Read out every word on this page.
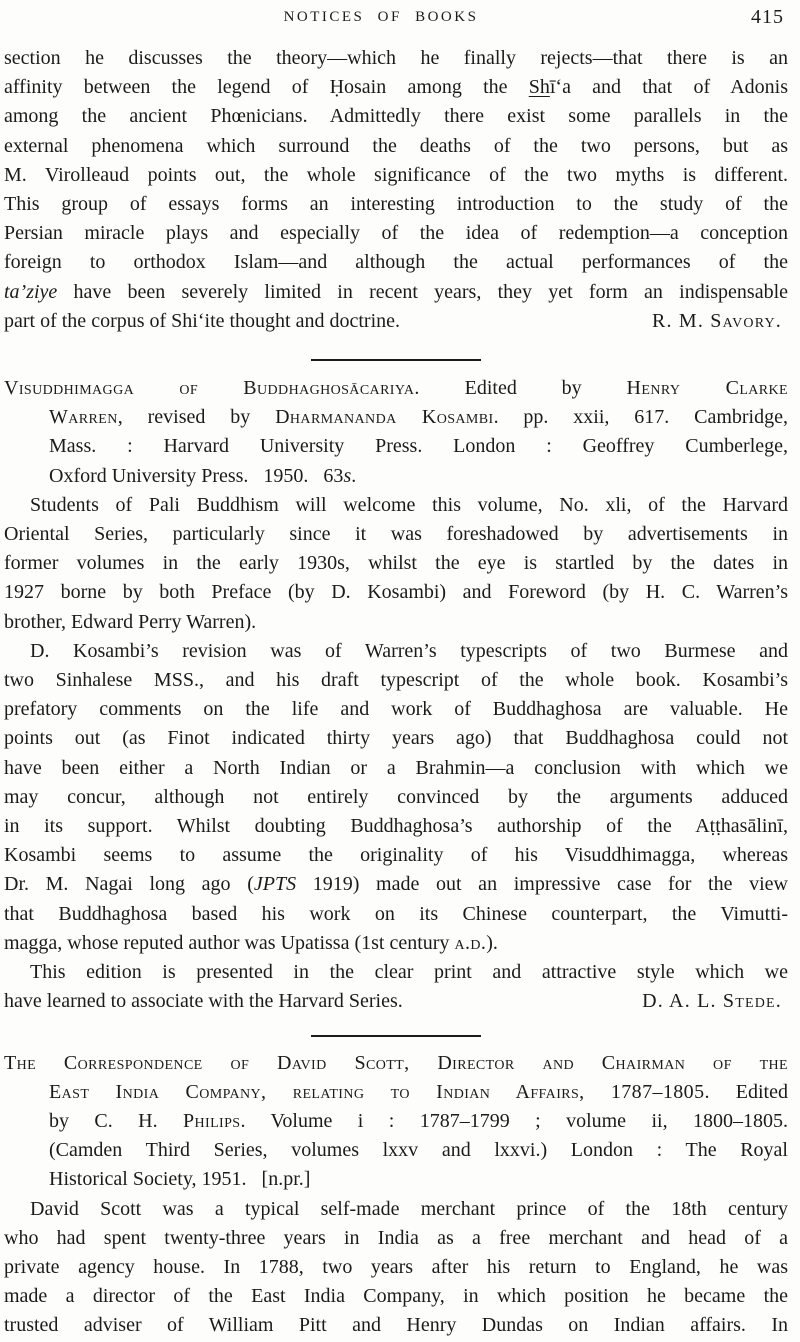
NOTICES OF BOOKS	415
section he discusses the theory—which he finally rejects—that there is an
affinity between the legend of Ḥosain among the Shī‘a and that of Adonis
among the ancient Phœnicians. Admittedly there exist some parallels in the
external phenomena which surround the deaths of the two persons, but as
M. Virolleaud points out, the whole significance of the two myths is different.
This group of essays forms an interesting introduction to the study of the
Persian miracle plays and especially of the idea of redemption—a conception
foreign to orthodox Islam—and although the actual performances of the
ta’ziye have been severely limited in recent years, they yet form an indispensable
part of the corpus of Shi‘ite thought and doctrine.	R. M. Savory.
Visuddhimagga of Buddhaghosācariya. Edited by Henry Clarke
Warren, revised by Dharmananda Kosambi. pp. xxii, 617. Cambridge,
Mass. : Harvard University Press. London : Geoffrey Cumberlege,
Oxford University Press.  1950.  63s.
Students of Pali Buddhism will welcome this volume, No. xli, of the Harvard
Oriental Series, particularly since it was foreshadowed by advertisements in
former volumes in the early 1930s, whilst the eye is startled by the dates in
1927 borne by both Preface (by D. Kosambi) and Foreword (by H. C. Warren’s
brother, Edward Perry Warren).
D. Kosambi’s revision was of Warren’s typescripts of two Burmese and
two Sinhalese MSS., and his draft typescript of the whole book. Kosambi’s
prefatory comments on the life and work of Buddhaghosa are valuable. He
points out (as Finot indicated thirty years ago) that Buddhaghosa could not
have been either a North Indian or a Brahmin—a conclusion with which we
may concur, although not entirely convinced by the arguments adduced
in its support. Whilst doubting Buddhaghosa’s authorship of the Aṭṭhasālinī,
Kosambi seems to assume the originality of his Visuddhimagga, whereas
Dr. M. Nagai long ago (JPTS 1919) made out an impressive case for the view
that Buddhaghosa based his work on its Chinese counterpart, the Vimutti-
magga, whose reputed author was Upatissa (1st century a.d.).
This edition is presented in the clear print and attractive style which we
have learned to associate with the Harvard Series.	D. A. L. Stede.
The Correspondence of David Scott, Director and Chairman of the
East India Company, relating to Indian Affairs, 1787–1805. Edited
by C. H. Philips. Volume i : 1787–1799 ; volume ii, 1800–1805.
(Camden Third Series, volumes lxxv and lxxvi.) London : The Royal
Historical Society, 1951.  [n.pr.]
David Scott was a typical self-made merchant prince of the 18th century
who had spent twenty-three years in India as a free merchant and head of a
private agency house. In 1788, two years after his return to England, he was
made a director of the East India Company, in which position he became the
trusted adviser of William Pitt and Henry Dundas on Indian affairs. In
